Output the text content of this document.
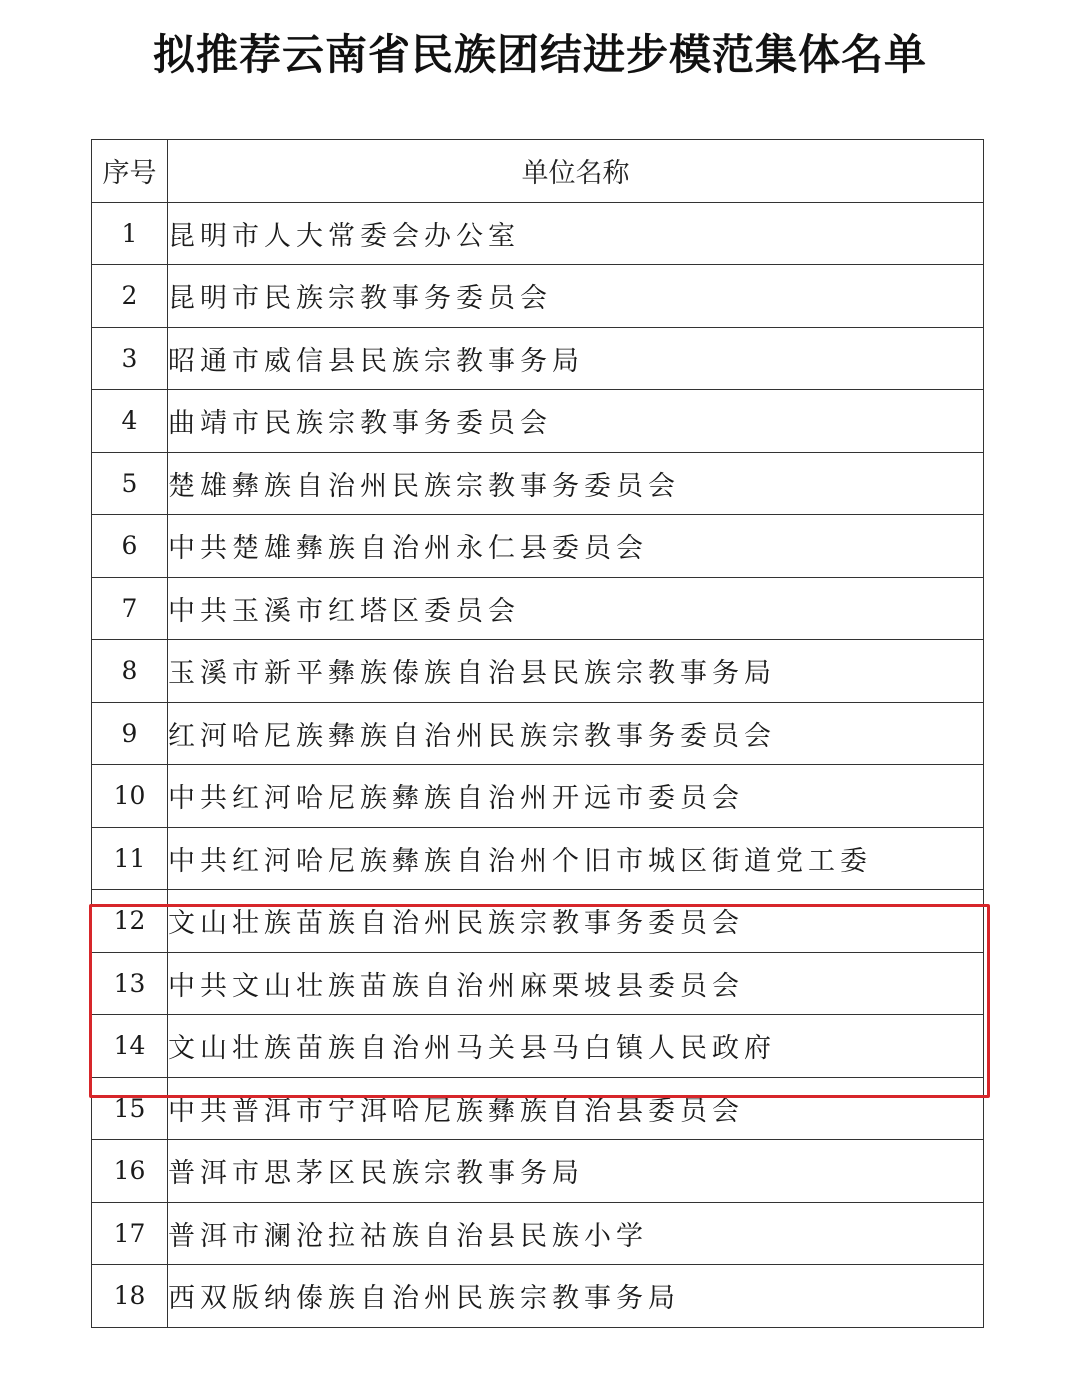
拟推荐云南省民族团结进步模范集体名单
序号	单位名称
1	昆明市人大常委会办公室
2	昆明市民族宗教事务委员会
3	昭通市威信县民族宗教事务局
4	曲靖市民族宗教事务委员会
5	楚雄彝族自治州民族宗教事务委员会
6	中共楚雄彝族自治州永仁县委员会
7	中共玉溪市红塔区委员会
8	玉溪市新平彝族傣族自治县民族宗教事务局
9	红河哈尼族彝族自治州民族宗教事务委员会
10	中共红河哈尼族彝族自治州开远市委员会
11	中共红河哈尼族彝族自治州个旧市城区街道党工委
12	文山壮族苗族自治州民族宗教事务委员会
13	中共文山壮族苗族自治州麻栗坡县委员会
14	文山壮族苗族自治州马关县马白镇人民政府
15	中共普洱市宁洱哈尼族彝族自治县委员会
16	普洱市思茅区民族宗教事务局
17	普洱市澜沧拉祜族自治县民族小学
18	西双版纳傣族自治州民族宗教事务局
